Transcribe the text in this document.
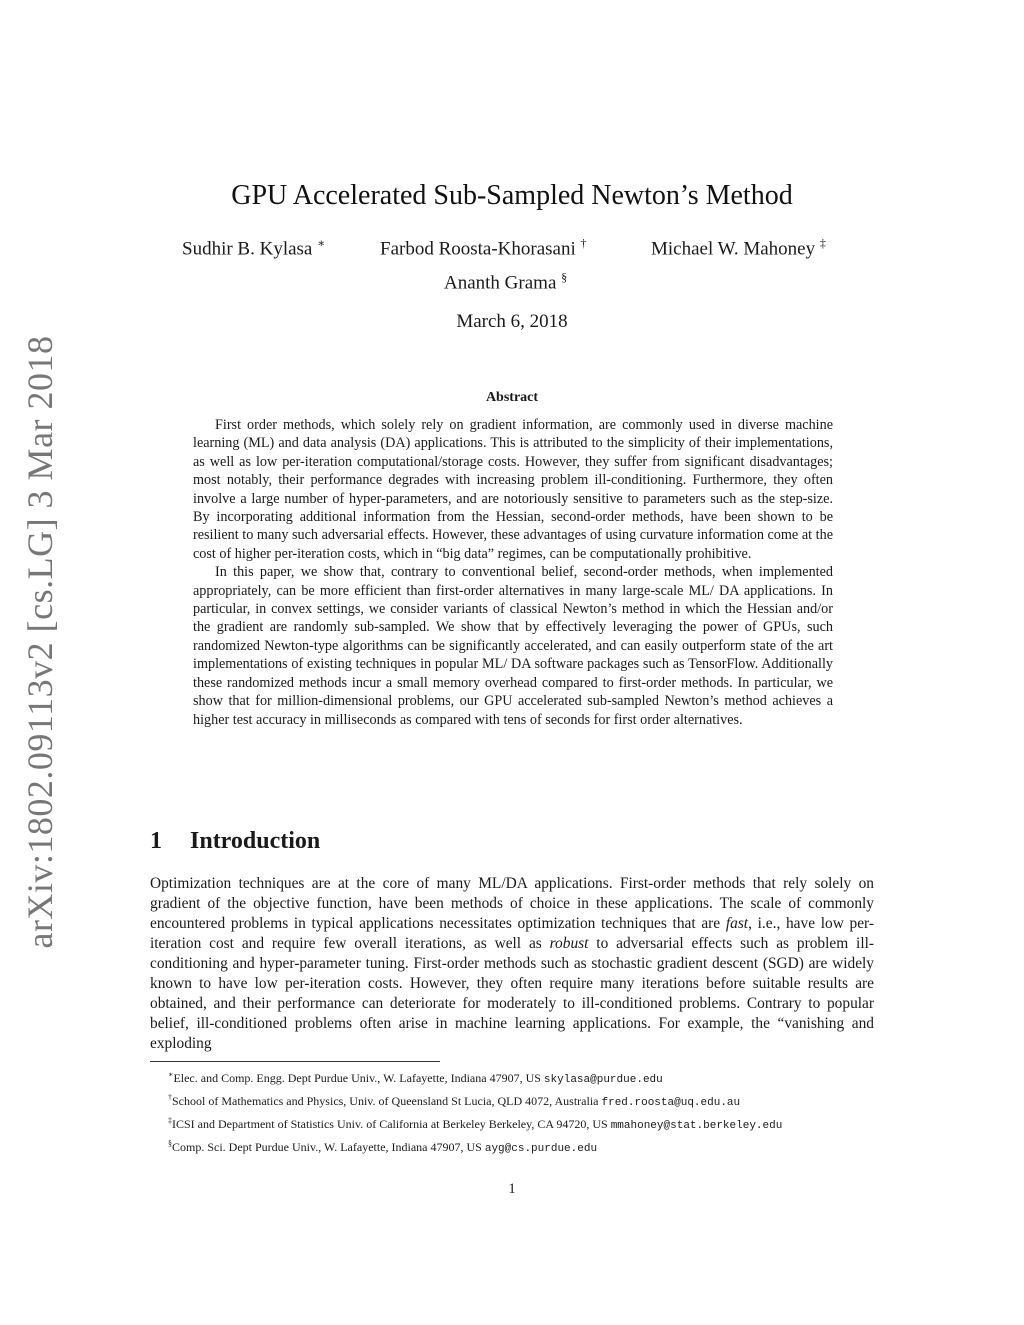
arXiv:1802.09113v2 [cs.LG] 3 Mar 2018
GPU Accelerated Sub-Sampled Newton’s Method
Sudhir B. Kylasa ∗	Farbod Roosta-Khorasani †	Michael W. Mahoney ‡
Ananth Grama §
March 6, 2018
Abstract

First order methods, which solely rely on gradient information, are commonly used in diverse machine learning (ML) and data analysis (DA) applications. This is attributed to the simplicity of their implementations, as well as low per-iteration computational/storage costs. However, they suffer from significant disadvantages; most notably, their performance degrades with increasing problem ill-conditioning. Furthermore, they often involve a large number of hyper-parameters, and are notoriously sensitive to parameters such as the step-size. By incorporating additional information from the Hessian, second-order methods, have been shown to be resilient to many such adversarial effects. However, these advantages of using curvature information come at the cost of higher per-iteration costs, which in “big data” regimes, can be computationally prohibitive.

In this paper, we show that, contrary to conventional belief, second-order methods, when implemented appropriately, can be more efficient than first-order alternatives in many large-scale ML/ DA applications. In particular, in convex settings, we consider variants of classical Newton’s method in which the Hessian and/or the gradient are randomly sub-sampled. We show that by effectively leveraging the power of GPUs, such randomized Newton-type algorithms can be significantly accelerated, and can easily outperform state of the art implementations of existing techniques in popular ML/ DA software packages such as TensorFlow. Additionally these randomized methods incur a small memory overhead compared to first-order methods. In particular, we show that for million-dimensional problems, our GPU accelerated sub-sampled Newton’s method achieves a higher test accuracy in milliseconds as compared with tens of seconds for first order alternatives.

1 Introduction

Optimization techniques are at the core of many ML/DA applications. First-order methods that rely solely on gradient of the objective function, have been methods of choice in these applications. The scale of commonly encountered problems in typical applications necessitates optimization techniques that are fast, i.e., have low per-iteration cost and require few overall iterations, as well as robust to adversarial effects such as problem ill-conditioning and hyper-parameter tuning. First-order methods such as stochastic gradient descent (SGD) are widely known to have low per-iteration costs. However, they often require many iterations before suitable results are obtained, and their performance can deteriorate for moderately to ill-conditioned problems. Contrary to popular belief, ill-conditioned problems often arise in machine learning applications. For example, the “vanishing and exploding

∗Elec. and Comp. Engg. Dept Purdue Univ., W. Lafayette, Indiana 47907, US skylasa@purdue.edu

†School of Mathematics and Physics, Univ. of Queensland St Lucia, QLD 4072, Australia fred.roosta@uq.edu.au

‡ICSI and Department of Statistics Univ. of California at Berkeley Berkeley, CA 94720, US mmahoney@stat.berkeley.edu

§Comp. Sci. Dept Purdue Univ., W. Lafayette, Indiana 47907, US ayg@cs.purdue.edu

1
